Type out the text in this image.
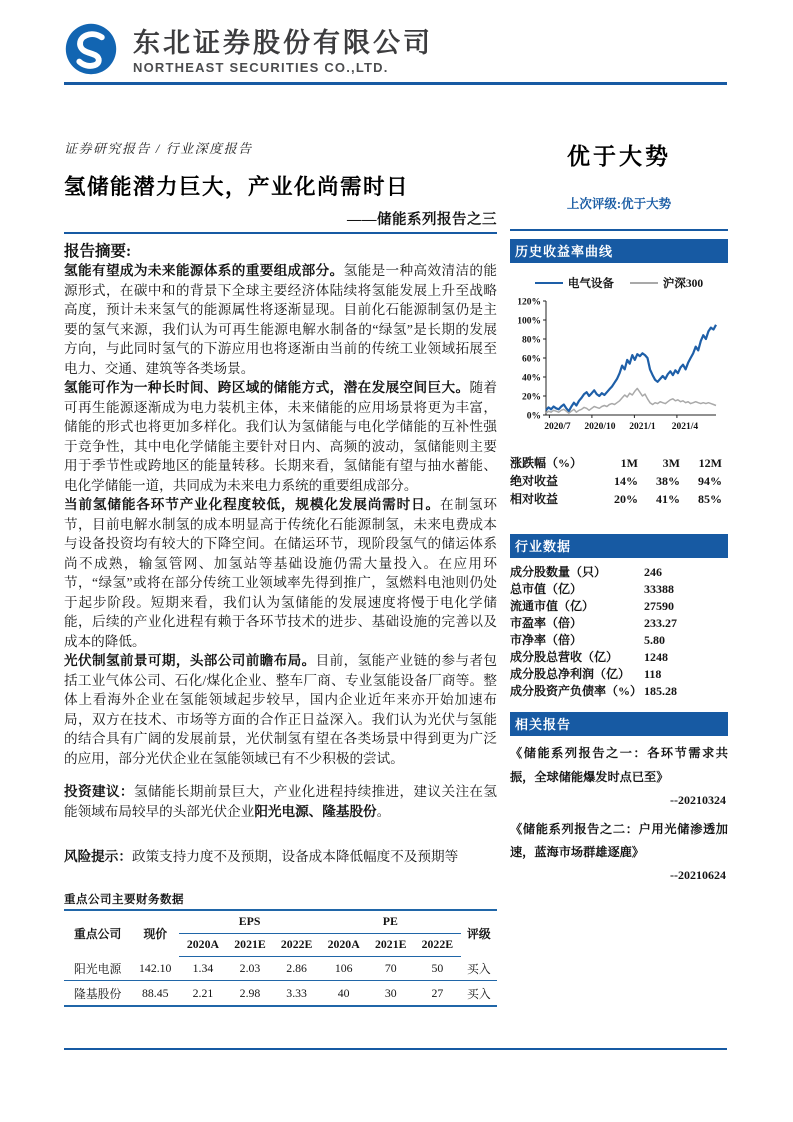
东北证券股份有限公司
NORTHEAST SECURITIES CO.,LTD.
证券研究报告 / 行业深度报告
氢储能潜力巨大，产业化尚需时日
——储能系列报告之三
报告摘要:

氢能有望成为未来能源体系的重要组成部分。氢能是一种高效清洁的能源形式，在碳中和的背景下全球主要经济体陆续将氢能发展上升至战略高度，预计未来氢气的能源属性将逐渐显现。目前化石能源制氢仍是主要的氢气来源，我们认为可再生能源电解水制备的“绿氢”是长期的发展方向，与此同时氢气的下游应用也将逐渐由当前的传统工业领域拓展至电力、交通、建筑等各类场景。

氢能可作为一种长时间、跨区域的储能方式，潜在发展空间巨大。随着可再生能源逐渐成为电力装机主体，未来储能的应用场景将更为丰富，储能的形式也将更加多样化。我们认为氢储能与电化学储能的互补性强于竞争性，其中电化学储能主要针对日内、高频的波动，氢储能则主要用于季节性或跨地区的能量转移。长期来看，氢储能有望与抽水蓄能、电化学储能一道，共同成为未来电力系统的重要组成部分。

当前氢储能各环节产业化程度较低，规模化发展尚需时日。在制氢环节，目前电解水制氢的成本明显高于传统化石能源制氢，未来电费成本与设备投资均有较大的下降空间。在储运环节，现阶段氢气的储运体系尚不成熟，输氢管网、加氢站等基础设施仍需大量投入。在应用环节，“绿氢”或将在部分传统工业领域率先得到推广，氢燃料电池则仍处于起步阶段。短期来看，我们认为氢储能的发展速度将慢于电化学储能，后续的产业化进程有赖于各环节技术的进步、基础设施的完善以及成本的降低。

光伏制氢前景可期，头部公司前瞻布局。目前，氢能产业链的参与者包括工业气体公司、石化/煤化企业、整车厂商、专业氢能设备厂商等。整体上看海外企业在氢能领域起步较早，国内企业近年来亦开始加速布局，双方在技术、市场等方面的合作正日益深入。我们认为光伏与氢能的结合具有广阔的发展前景，光伏制氢有望在各类场景中得到更为广泛的应用，部分光伏企业在氢能领域已有不少积极的尝试。

投资建议：氢储能长期前景巨大，产业化进程持续推进，建议关注在氢能领域布局较早的头部光伏企业阳光电源、隆基股份。

风险提示：政策支持力度不及预期，设备成本降低幅度不及预期等

重点公司主要财务数据
重点公司	现价	EPS			PE			评级
		2020A	2021E	2022E	2020A	2021E	2022E	
阳光电源	142.10	1.34	2.03	2.86	106	70	50	买入
隆基股份	88.45	2.21	2.98	3.33	40	30	27	买入
优于大势
上次评级:优于大势
历史收益率曲线
电气设备	沪深300
0%
20%
40%
60%
80%
100%
120%
2020/7 2020/10 2021/1 2021/4
涨跌幅（%）	1M	3M	12M
绝对收益	14%	38%	94%
相对收益	20%	41%	85%
行业数据
成分股数量（只）	246
总市值（亿）	33388
流通市值（亿）	27590
市盈率（倍）	233.27
市净率（倍）	5.80
成分股总营收（亿）	1248
成分股总净利润（亿）	118
成分股资产负债率（%） 185.28
相关报告
《储能系列报告之一：各环节需求共振，全球储能爆发时点已至》
--20210324
《储能系列报告之二：户用光储渗透加速，蓝海市场群雄逐鹿》
--20210624
